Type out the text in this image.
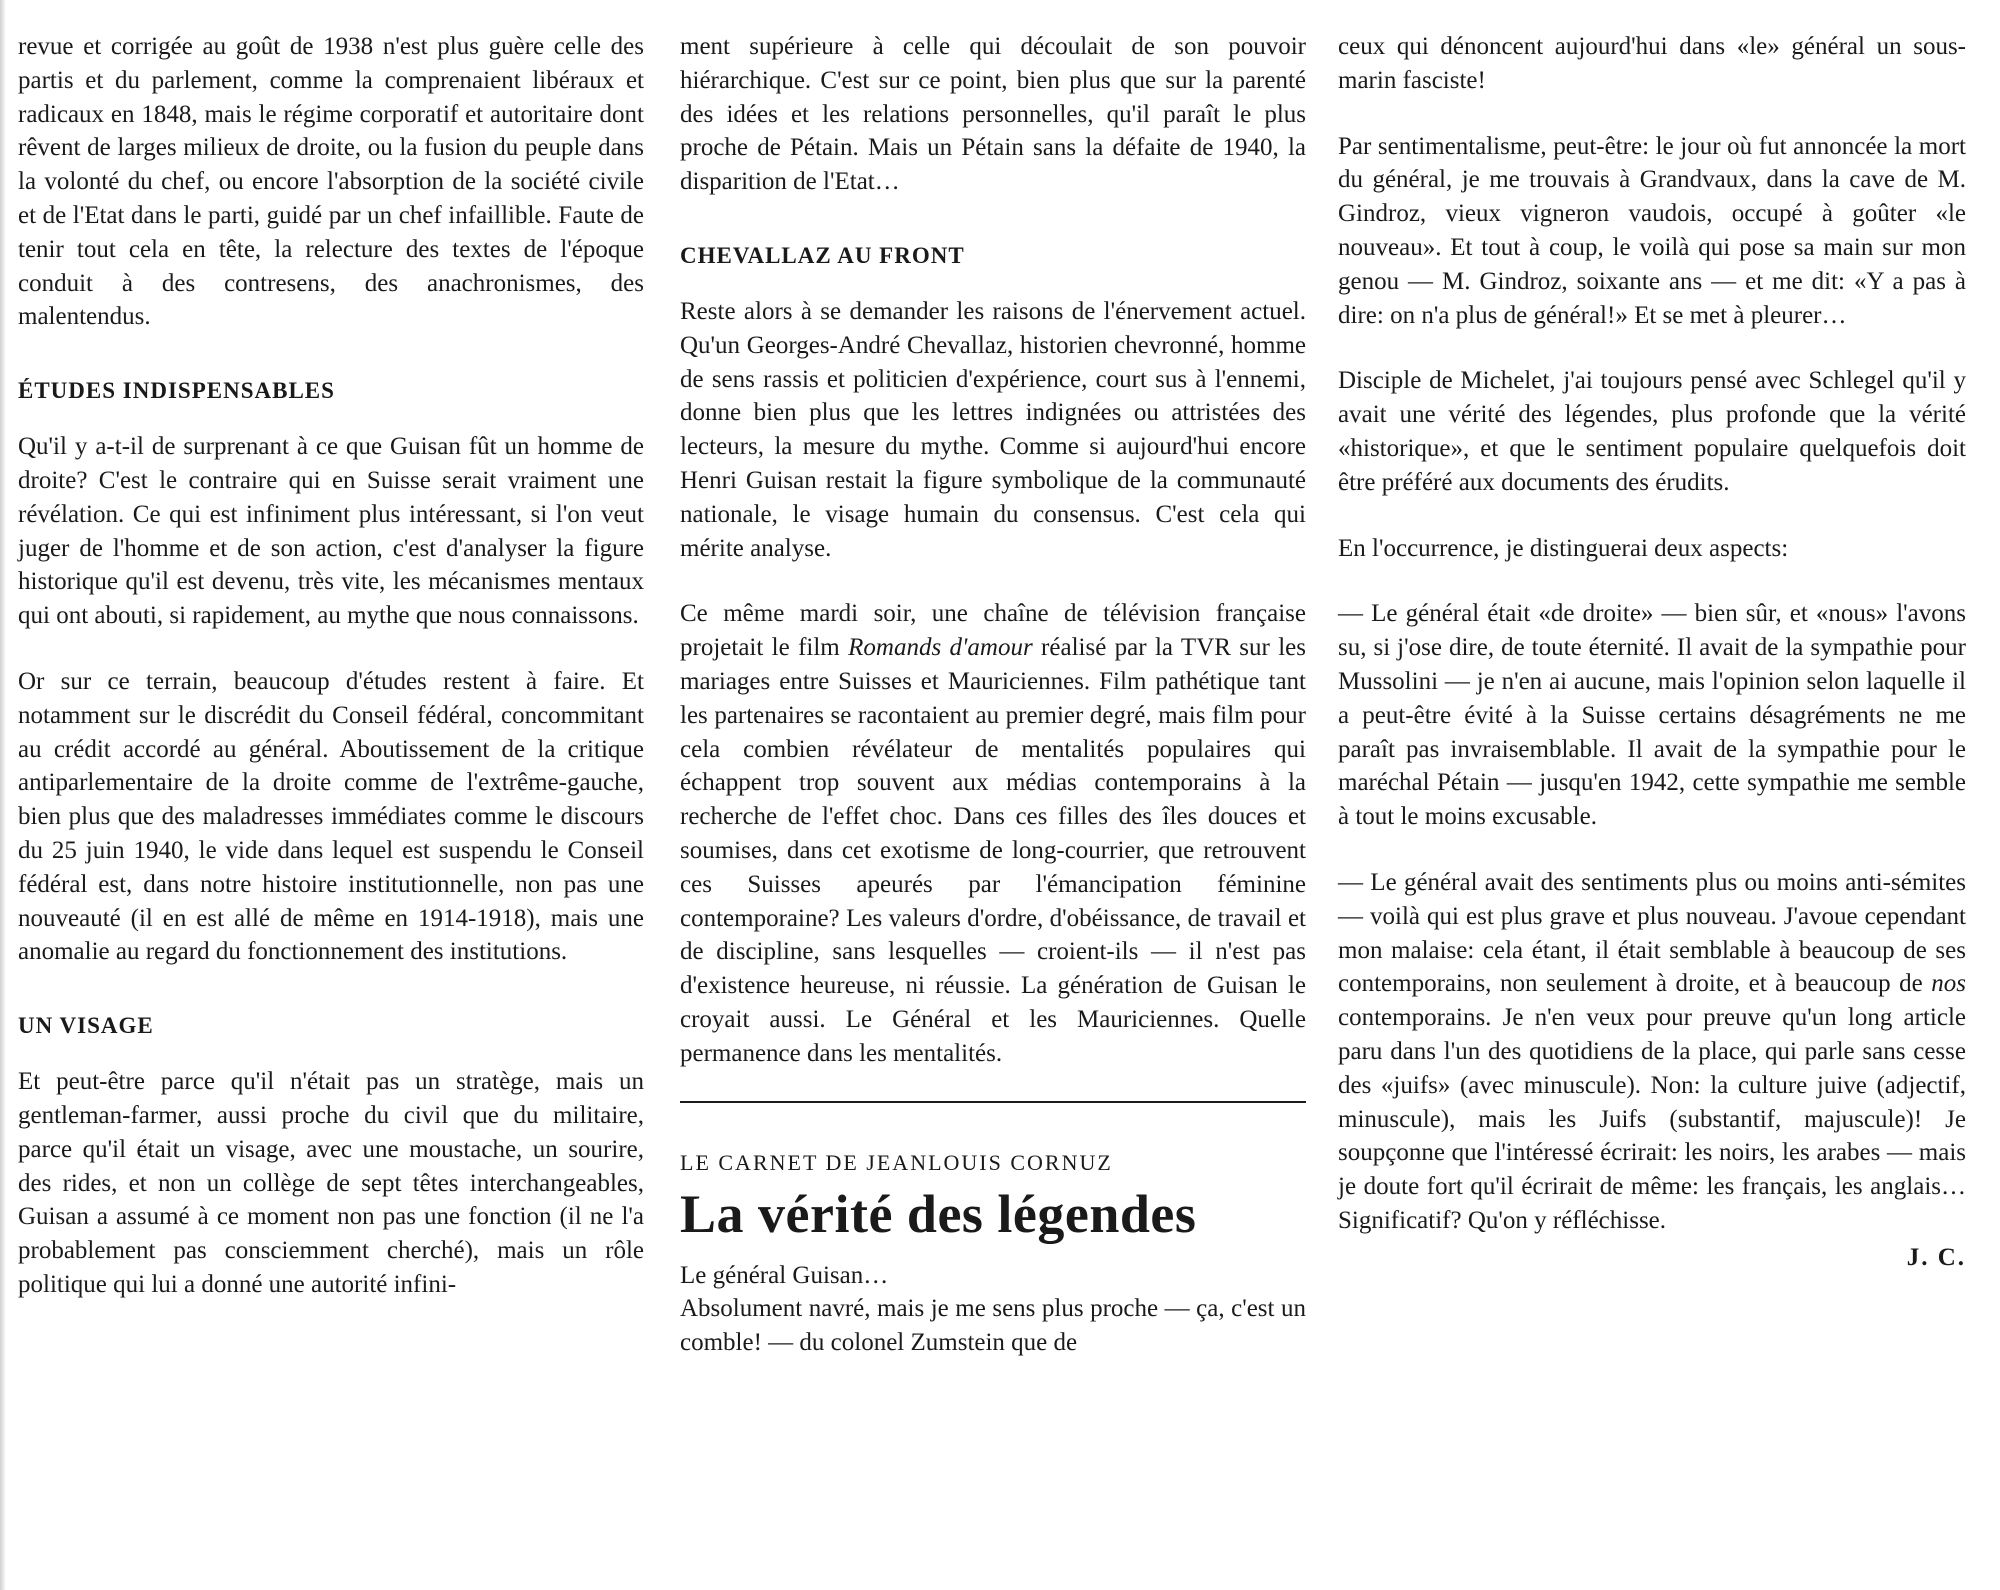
revue et corrigée au goût de 1938 n'est plus guère celle des partis et du parlement, comme la comprenaient libéraux et radicaux en 1848, mais le régime corporatif et autoritaire dont rêvent de larges milieux de droite, ou la fusion du peuple dans la volonté du chef, ou encore l'absorption de la société civile et de l'Etat dans le parti, guidé par un chef infaillible. Faute de tenir tout cela en tête, la relecture des textes de l'époque conduit à des contresens, des anachronismes, des malentendus.

ÉTUDES INDISPENSABLES

Qu'il y a-t-il de surprenant à ce que Guisan fût un homme de droite? C'est le contraire qui en Suisse serait vraiment une révélation. Ce qui est infiniment plus intéressant, si l'on veut juger de l'homme et de son action, c'est d'analyser la figure historique qu'il est devenu, très vite, les mécanismes mentaux qui ont abouti, si rapidement, au mythe que nous connaissons.

Or sur ce terrain, beaucoup d'études restent à faire. Et notamment sur le discrédit du Conseil fédéral, concommitant au crédit accordé au général. Aboutissement de la critique antiparlementaire de la droite comme de l'extrême-gauche, bien plus que des maladresses immédiates comme le discours du 25 juin 1940, le vide dans lequel est suspendu le Conseil fédéral est, dans notre histoire institutionnelle, non pas une nouveauté (il en est allé de même en 1914-1918), mais une anomalie au regard du fonctionnement des institutions.

UN VISAGE

Et peut-être parce qu'il n'était pas un stratège, mais un gentleman-farmer, aussi proche du civil que du militaire, parce qu'il était un visage, avec une moustache, un sourire, des rides, et non un collège de sept têtes interchangeables, Guisan a assumé à ce moment non pas une fonction (il ne l'a probablement pas consciemment cherché), mais un rôle politique qui lui a donné une autorité infini-

ment supérieure à celle qui découlait de son pouvoir hiérarchique. C'est sur ce point, bien plus que sur la parenté des idées et les relations personnelles, qu'il paraît le plus proche de Pétain. Mais un Pétain sans la défaite de 1940, la disparition de l'Etat…

CHEVALLAZ AU FRONT

Reste alors à se demander les raisons de l'énervement actuel. Qu'un Georges-André Chevallaz, historien chevronné, homme de sens rassis et politicien d'expérience, court sus à l'ennemi, donne bien plus que les lettres indignées ou attristées des lecteurs, la mesure du mythe. Comme si aujourd'hui encore Henri Guisan restait la figure symbolique de la communauté nationale, le visage humain du consensus. C'est cela qui mérite analyse.

Ce même mardi soir, une chaîne de télévision française projetait le film Romands d'amour réalisé par la TVR sur les mariages entre Suisses et Mauriciennes. Film pathétique tant les partenaires se racontaient au premier degré, mais film pour cela combien révélateur de mentalités populaires qui échappent trop souvent aux médias contemporains à la recherche de l'effet choc. Dans ces filles des îles douces et soumises, dans cet exotisme de long-courrier, que retrouvent ces Suisses apeurés par l'émancipation féminine contemporaine? Les valeurs d'ordre, d'obéissance, de travail et de discipline, sans lesquelles — croient-ils — il n'est pas d'existence heureuse, ni réussie. La génération de Guisan le croyait aussi. Le Général et les Mauriciennes. Quelle permanence dans les mentalités.

LE CARNET DE JEANLOUIS CORNUZ
La vérité des légendes

Le général Guisan…

Absolument navré, mais je me sens plus proche — ça, c'est un comble! — du colonel Zumstein que de

ceux qui dénoncent aujourd'hui dans «le» général un sous-marin fasciste!

Par sentimentalisme, peut-être: le jour où fut annoncée la mort du général, je me trouvais à Grandvaux, dans la cave de M. Gindroz, vieux vigneron vaudois, occupé à goûter «le nouveau». Et tout à coup, le voilà qui pose sa main sur mon genou — M. Gindroz, soixante ans — et me dit: «Y a pas à dire: on n'a plus de général!» Et se met à pleurer…

Disciple de Michelet, j'ai toujours pensé avec Schlegel qu'il y avait une vérité des légendes, plus profonde que la vérité «historique», et que le sentiment populaire quelquefois doit être préféré aux documents des érudits.

En l'occurrence, je distinguerai deux aspects:

— Le général était «de droite» — bien sûr, et «nous» l'avons su, si j'ose dire, de toute éternité. Il avait de la sympathie pour Mussolini — je n'en ai aucune, mais l'opinion selon laquelle il a peut-être évité à la Suisse certains désagréments ne me paraît pas invraisemblable. Il avait de la sympathie pour le maréchal Pétain — jusqu'en 1942, cette sympathie me semble à tout le moins excusable.

— Le général avait des sentiments plus ou moins anti-sémites — voilà qui est plus grave et plus nouveau. J'avoue cependant mon malaise: cela étant, il était semblable à beaucoup de ses contemporains, non seulement à droite, et à beaucoup de nos contemporains. Je n'en veux pour preuve qu'un long article paru dans l'un des quotidiens de la place, qui parle sans cesse des «juifs» (avec minuscule). Non: la culture juive (adjectif, minuscule), mais les Juifs (substantif, majuscule)! Je soupçonne que l'intéressé écrirait: les noirs, les arabes — mais je doute fort qu'il écrirait de même: les français, les anglais… Significatif? Qu'on y réfléchisse.

J. C.
